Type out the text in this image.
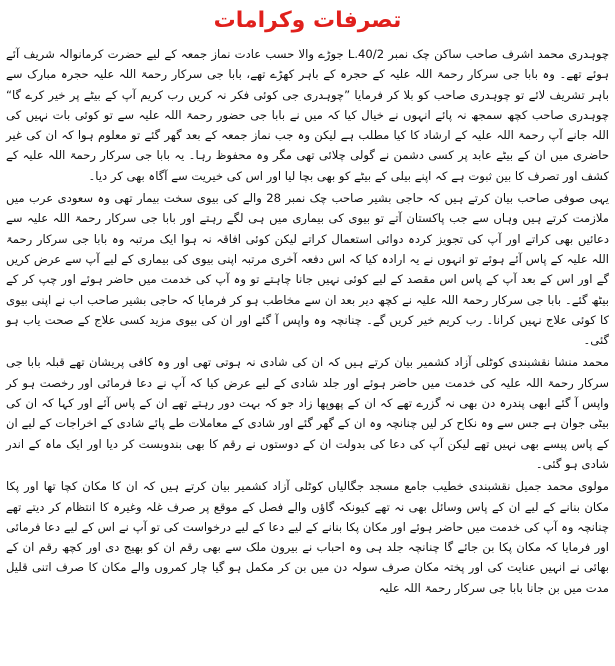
تصرفات وکرامات

چوہدری محمد اشرف صاحب ساکن چک نمبر 40/2.L جوڑے والا حسب عادت نماز جمعہ کے لیے حضرت کرمانوالہ شریف آئے ہوئے تھے۔ وہ بابا جی سرکار رحمۃ اللہ علیہ کے حجرہ کے باہر کھڑے تھے، بابا جی سرکار رحمۃ اللہ علیہ حجرہ مبارک سے باہر تشریف لائے تو چوہدری صاحب کو بلا کر فرمایا ”چوہدری جی کوئی فکر نہ کریں رب کریم آپ کے بیٹے پر خیر کرے گا“ چوہدری صاحب کچھ سمجھ نہ پائے انہوں نے خیال کیا کہ میں نے بابا جی حضور رحمۃ اللہ علیہ سے تو کوئی بات نہیں کی اللہ جانے آپ رحمۃ اللہ علیہ کے ارشاد کا کیا مطلب ہے لیکن وہ جب نماز جمعہ کے بعد گھر گئے تو معلوم ہوا کہ ان کی غیر حاضری میں ان کے بیٹے عابد پر کسی دشمن نے گولی چلائی تھی مگر وہ محفوظ رہا۔ یہ بابا جی سرکار رحمۃ اللہ علیہ کے کشف اور تصرف کا بین ثبوت ہے کہ اپنے بیلی کے بیٹے کو بھی بچا لیا اور اس کی خیریت سے آگاہ بھی کر دیا۔

یہی صوفی صاحب بیان کرتے ہیں کہ حاجی بشیر صاحب چک نمبر 28 والے کی بیوی سخت بیمار تھی وہ سعودی عرب میں ملازمت کرتے ہیں وہاں سے جب پاکستان آتے تو بیوی کی بیماری میں ہی لگے رہتے اور بابا جی سرکار رحمۃ اللہ علیہ سے دعائیں بھی کراتے اور آپ کی تجویز کردہ دوائی استعمال کراتے لیکن کوئی افاقہ نہ ہوا ایک مرتبہ وہ بابا جی سرکار رحمۃ اللہ علیہ کے پاس آئے ہوئے تو انہوں نے یہ ارادہ کیا کہ اس دفعہ آخری مرتبہ اپنی بیوی کی بیماری کے لیے آپ سے عرض کریں گے اور اس کے بعد آپ کے پاس اس مقصد کے لیے کوئی نہیں جانا چاہتے تو وہ آپ کی خدمت میں حاضر ہوئے اور چپ کر کے بیٹھ گئے۔ بابا جی سرکار رحمۃ اللہ علیہ نے کچھ دیر بعد ان سے مخاطب ہو کر فرمایا کہ حاجی بشیر صاحب اب نے اپنی بیوی کا کوئی علاج نہیں کرانا۔ رب کریم خیر کریں گے۔ چنانچہ وہ واپس آ گئے اور ان کی بیوی مزید کسی علاج کے صحت یاب ہو گئی۔

محمد منشا نقشبندی کوٹلی آزاد کشمیر بیان کرتے ہیں کہ ان کی شادی نہ ہوتی تھی اور وہ کافی پریشان تھے قبلہ بابا جی سرکار رحمۃ اللہ علیہ کی خدمت میں حاضر ہوئے اور جلد شادی کے لیے عرض کیا کہ آپ نے دعا فرمائی اور رخصت ہو کر واپس آ گئے ابھی پندرہ دن بھی نہ گزرے تھے کہ ان کے پھوپھا زاد جو کہ بہت دور رہتے تھے ان کے پاس آئے اور کہا کہ ان کی بیٹی جوان ہے جس سے وہ نکاح کر لیں چنانچہ وہ ان کے گھر گئے اور شادی کے معاملات طے پائے شادی کے اخراجات کے لیے ان کے پاس پیسے بھی نہیں تھے لیکن آپ کی دعا کی بدولت ان کے دوستوں نے رقم کا بھی بندوبست کر دیا اور ایک ماہ کے اندر شادی ہو گئی۔

مولوی محمد جمیل نقشبندی خطیب جامع مسجد جگالیاں کوٹلی آزاد کشمیر بیان کرتے ہیں کہ ان کا مکان کچا تھا اور پکا مکان بنانے کے لیے ان کے پاس وسائل بھی نہ تھے کیونکہ گاؤں والے فصل کے موقع پر صرف غلہ وغیرہ کا انتظام کر دیتے تھے چنانچہ وہ آپ کی خدمت میں حاضر ہوئے اور مکان پکا بنانے کے لیے دعا کے لیے درخواست کی تو آپ نے اس کے لیے دعا فرمائی اور فرمایا کہ مکان پکا بن جائے گا چنانچہ جلد ہی وہ احباب نے بیرون ملک سے بھی رقم ان کو بھیج دی اور کچھ رقم ان کے بھائی نے انہیں عنایت کی اور پختہ مکان صرف سولہ دن میں بن کر مکمل ہو گیا چار کمروں والے مکان کا صرف اتنی قلیل مدت میں بن جانا بابا جی سرکار رحمۃ اللہ علیہ
